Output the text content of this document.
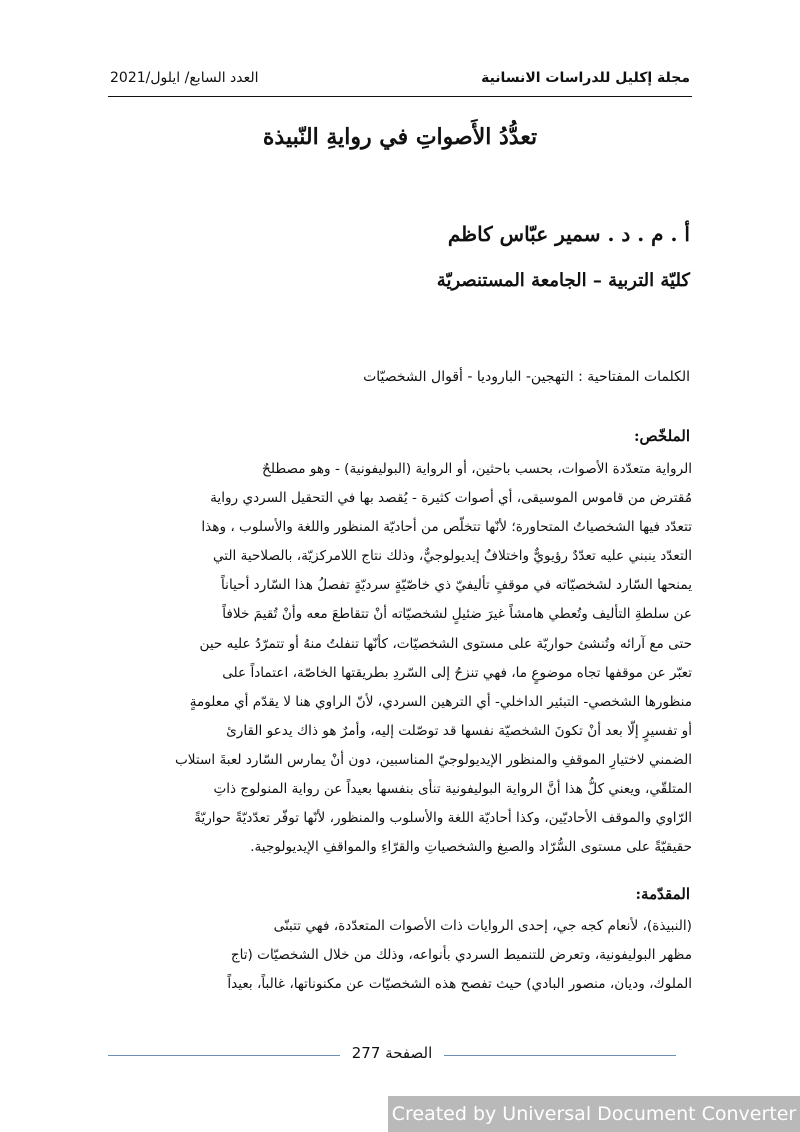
مجلة إكليل للدراسات الانسانية

العدد السابع/ ايلول/2021

تعدُّدُ الأَصواتِ في روايةِ النّبيذة

أ . م . د . سمير عبّاس كاظم

كليّة التربية – الجامعة المستنصريّة

الكلمات المفتاحية : التهجين- الباروديا - أقوال الشخصيّات

الملخّص:

الرواية متعدّدة الأصوات، بحسب باحثين، أو الرواية (البوليفونية) - وهو مصطلحٌ
مُقترض من قاموس الموسيقى، أي أصوات كثيرة - يُقصد بها في التحقيل السردي رواية
تتعدّد فيها الشخصياتُ المتحاورة؛ لأنّها تتخلّص من أحاديّة المنظور واللغة والأسلوب ، وهذا
التعدّد ينبني عليه تعدّدٌ رؤيويٌّ واختلافٌ إيديولوجيٌّ، وذلك نتاج اللامركزيّة، بالصلاحية التي
يمنحها السّارد لشخصيّاته في موقفٍ تأليفيّ ذي خاصّيّةٍ سرديّةٍ تفصلُ هذا السّارد أحياناً
عن سلطةِ التأليف وتُعطي هامشاً غيرَ ضئيلٍ لشخصيّاته أنْ تتقاطعَ معه وأنْ تُقيمَ خلافاً
حتى مع آرائه وتُنشئ حواريّة على مستوى الشخصيّات، كأنّها تنفلتُ منهُ أو تتمرّدُ عليه حين
تعبّر عن موقفها تجاه موضوعٍ ما، فهي تنزحُ إلى السّردِ بطريقتها الخاصّة، اعتماداً على
منظورها الشخصي- التبئير الداخلي- أي الترهين السردي، لأنّ الراوي هنا لا يقدّم أي معلومةٍ
أو تفسيرٍ إلّا بعد أنْ تكونَ الشخصيّة نفسها قد توصّلت إليه، وأمرٌ هو ذاك يدعو القارئ
الضمني لاختيارِ الموقفِ والمنظور الإيديولوجيّ المناسبين، دون أنْ يمارس السّارد لعبةَ استلاب
المتلقّي، ويعني كلُّ هذا أنَّ الرواية البوليفونية تنأى بنفسها بعيداً عن رواية المنولوج ذاتِ
الرّاوي والموقف الأحاديّين، وكذا أحاديّة اللغة والأسلوب والمنظور، لأنّها توفّر تعدّديّةً حواريّةً
حقيقيّةً على مستوى السُّرّاد والصيغ والشخصياتِ والقرّاءِ والمواقفِ الإيديولوجية.

المقدّمة:

(النبيذة)، لأنعام كجه جي، إحدى الروايات ذات الأصوات المتعدّدة، فهي تتبنّى
مظهر البوليفونية، وتعرض للتنميط السردي بأنواعه، وذلك من خلال الشخصيّات (تاج
الملوك، وديان، منصور البادي) حيث تفصح هذه الشخصيّات عن مكنوناتها، غالباً، بعيداً

الصفحة 277

Created by Universal Document Converter
